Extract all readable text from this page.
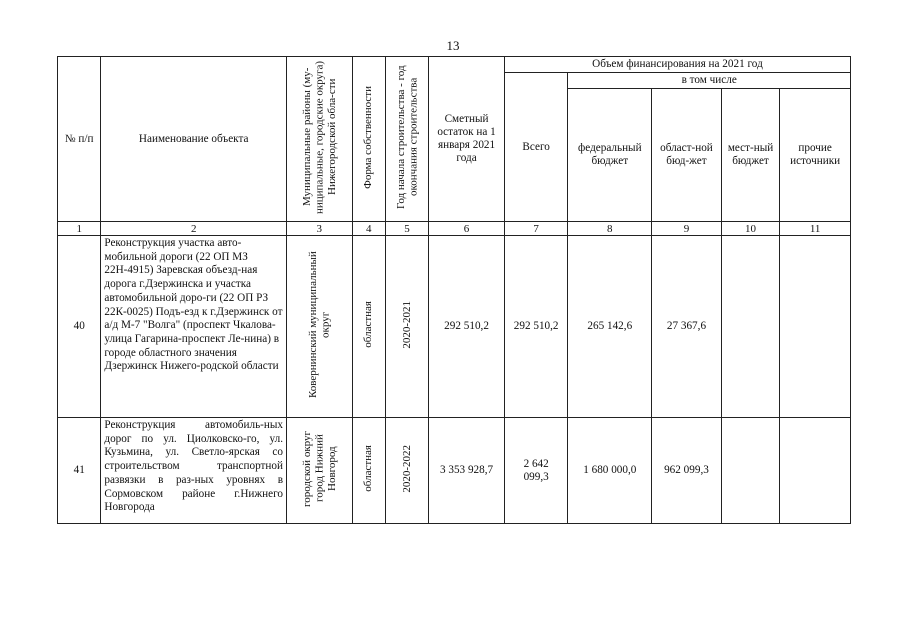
13
№ п/п	Наименование объекта	Муниципальные районы (му-ниципальные, городские округа) Нижегородской обла-сти	Форма собственности	Год начала строительства - год окончания строительства	Сметный остаток на 1 января 2021 года	Объем финансирования на 2021 год				
						Всего	в том числе			
							федеральный бюджет	област-ной бюд-жет	мест-ный бюджет	прочие источники
1	2	3	4	5	6	7	8	9	10	11
40	Реконструкция участка авто-мобильной дороги (22 ОП МЗ 22Н-4915) Заревская объезд-ная дорога г.Дзержинска и участка автомобильной доро-ги (22 ОП РЗ 22К-0025) Подъ-езд к г.Дзержинск от а/д М-7 "Волга" (проспект Чкалова-улица Гагарина-проспект Ле-нина) в городе областного значения Дзержинск Нижего-родской области	Ковернинский муниципальный округ	областная	2020-2021	292 510,2	292 510,2	265 142,6	27 367,6		
41	Реконструкция автомобиль-ных дорог по ул. Циолковско-го, ул. Кузьмина, ул. Светло-ярская со строительством транспортной развязки в раз-ных уровнях в Сормовском районе г.Нижнего Новгорода	городской округ город Нижний Новгород	областная	2020-2022	3 353 928,7	2 642 099,3	1 680 000,0	962 099,3		
